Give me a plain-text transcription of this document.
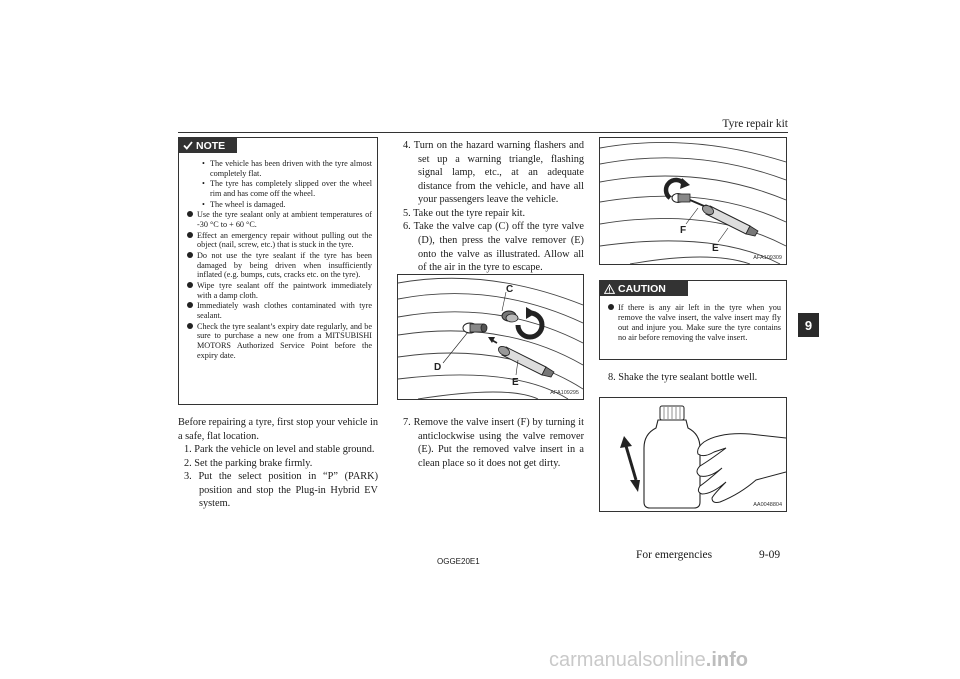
Tyre repair kit
9
NOTE
• The vehicle has been driven with the tyre almost completely flat.
• The tyre has completely slipped over the wheel rim and has come off the wheel.
• The wheel is damaged.
Use the tyre sealant only at ambient temperatures of -30 °C to + 60 °C.
Effect an emergency repair without pulling out the object (nail, screw, etc.) that is stuck in the tyre.
Do not use the tyre sealant if the tyre has been damaged by being driven when insufficiently inflated (e.g. bumps, cuts, cracks etc. on the tyre).
Wipe tyre sealant off the paintwork immediately with a damp cloth.
Immediately wash clothes contaminated with tyre sealant.
Check the tyre sealant’s expiry date regularly, and be sure to purchase a new one from a MITSUBISHI MOTORS Authorized Service Point before the expiry date.

Before repairing a tyre, first stop your vehicle in a safe, flat location.

1. Park the vehicle on level and stable ground.

2. Set the parking brake firmly.

3. Put the select position in “P” (PARK) position and stop the Plug-in Hybrid EV system.

4. Turn on the hazard warning flashers and set up a warning triangle, flashing signal lamp, etc., at an adequate distance from the vehicle, and have all your passengers leave the vehicle.

5. Take out the tyre repair kit.

6. Take the valve cap (C) off the tyre valve (D), then press the valve remover (E) onto the valve as illustrated. Allow all of the air in the tyre to escape.

C
D
E
AFA109295

7. Remove the valve insert (F) by turning it anticlockwise using the valve remover (E). Put the removed valve insert in a clean place so it does not get dirty.

F
E
AFA109309
CAUTION
If there is any air left in the tyre when you remove the valve insert, the valve insert may fly out and injure you. Make sure the tyre contains no air before removing the valve insert.

8. Shake the tyre sealant bottle well.

AA0048804
OGGE20E1
For emergencies	9-09
carmanualsonline.info
